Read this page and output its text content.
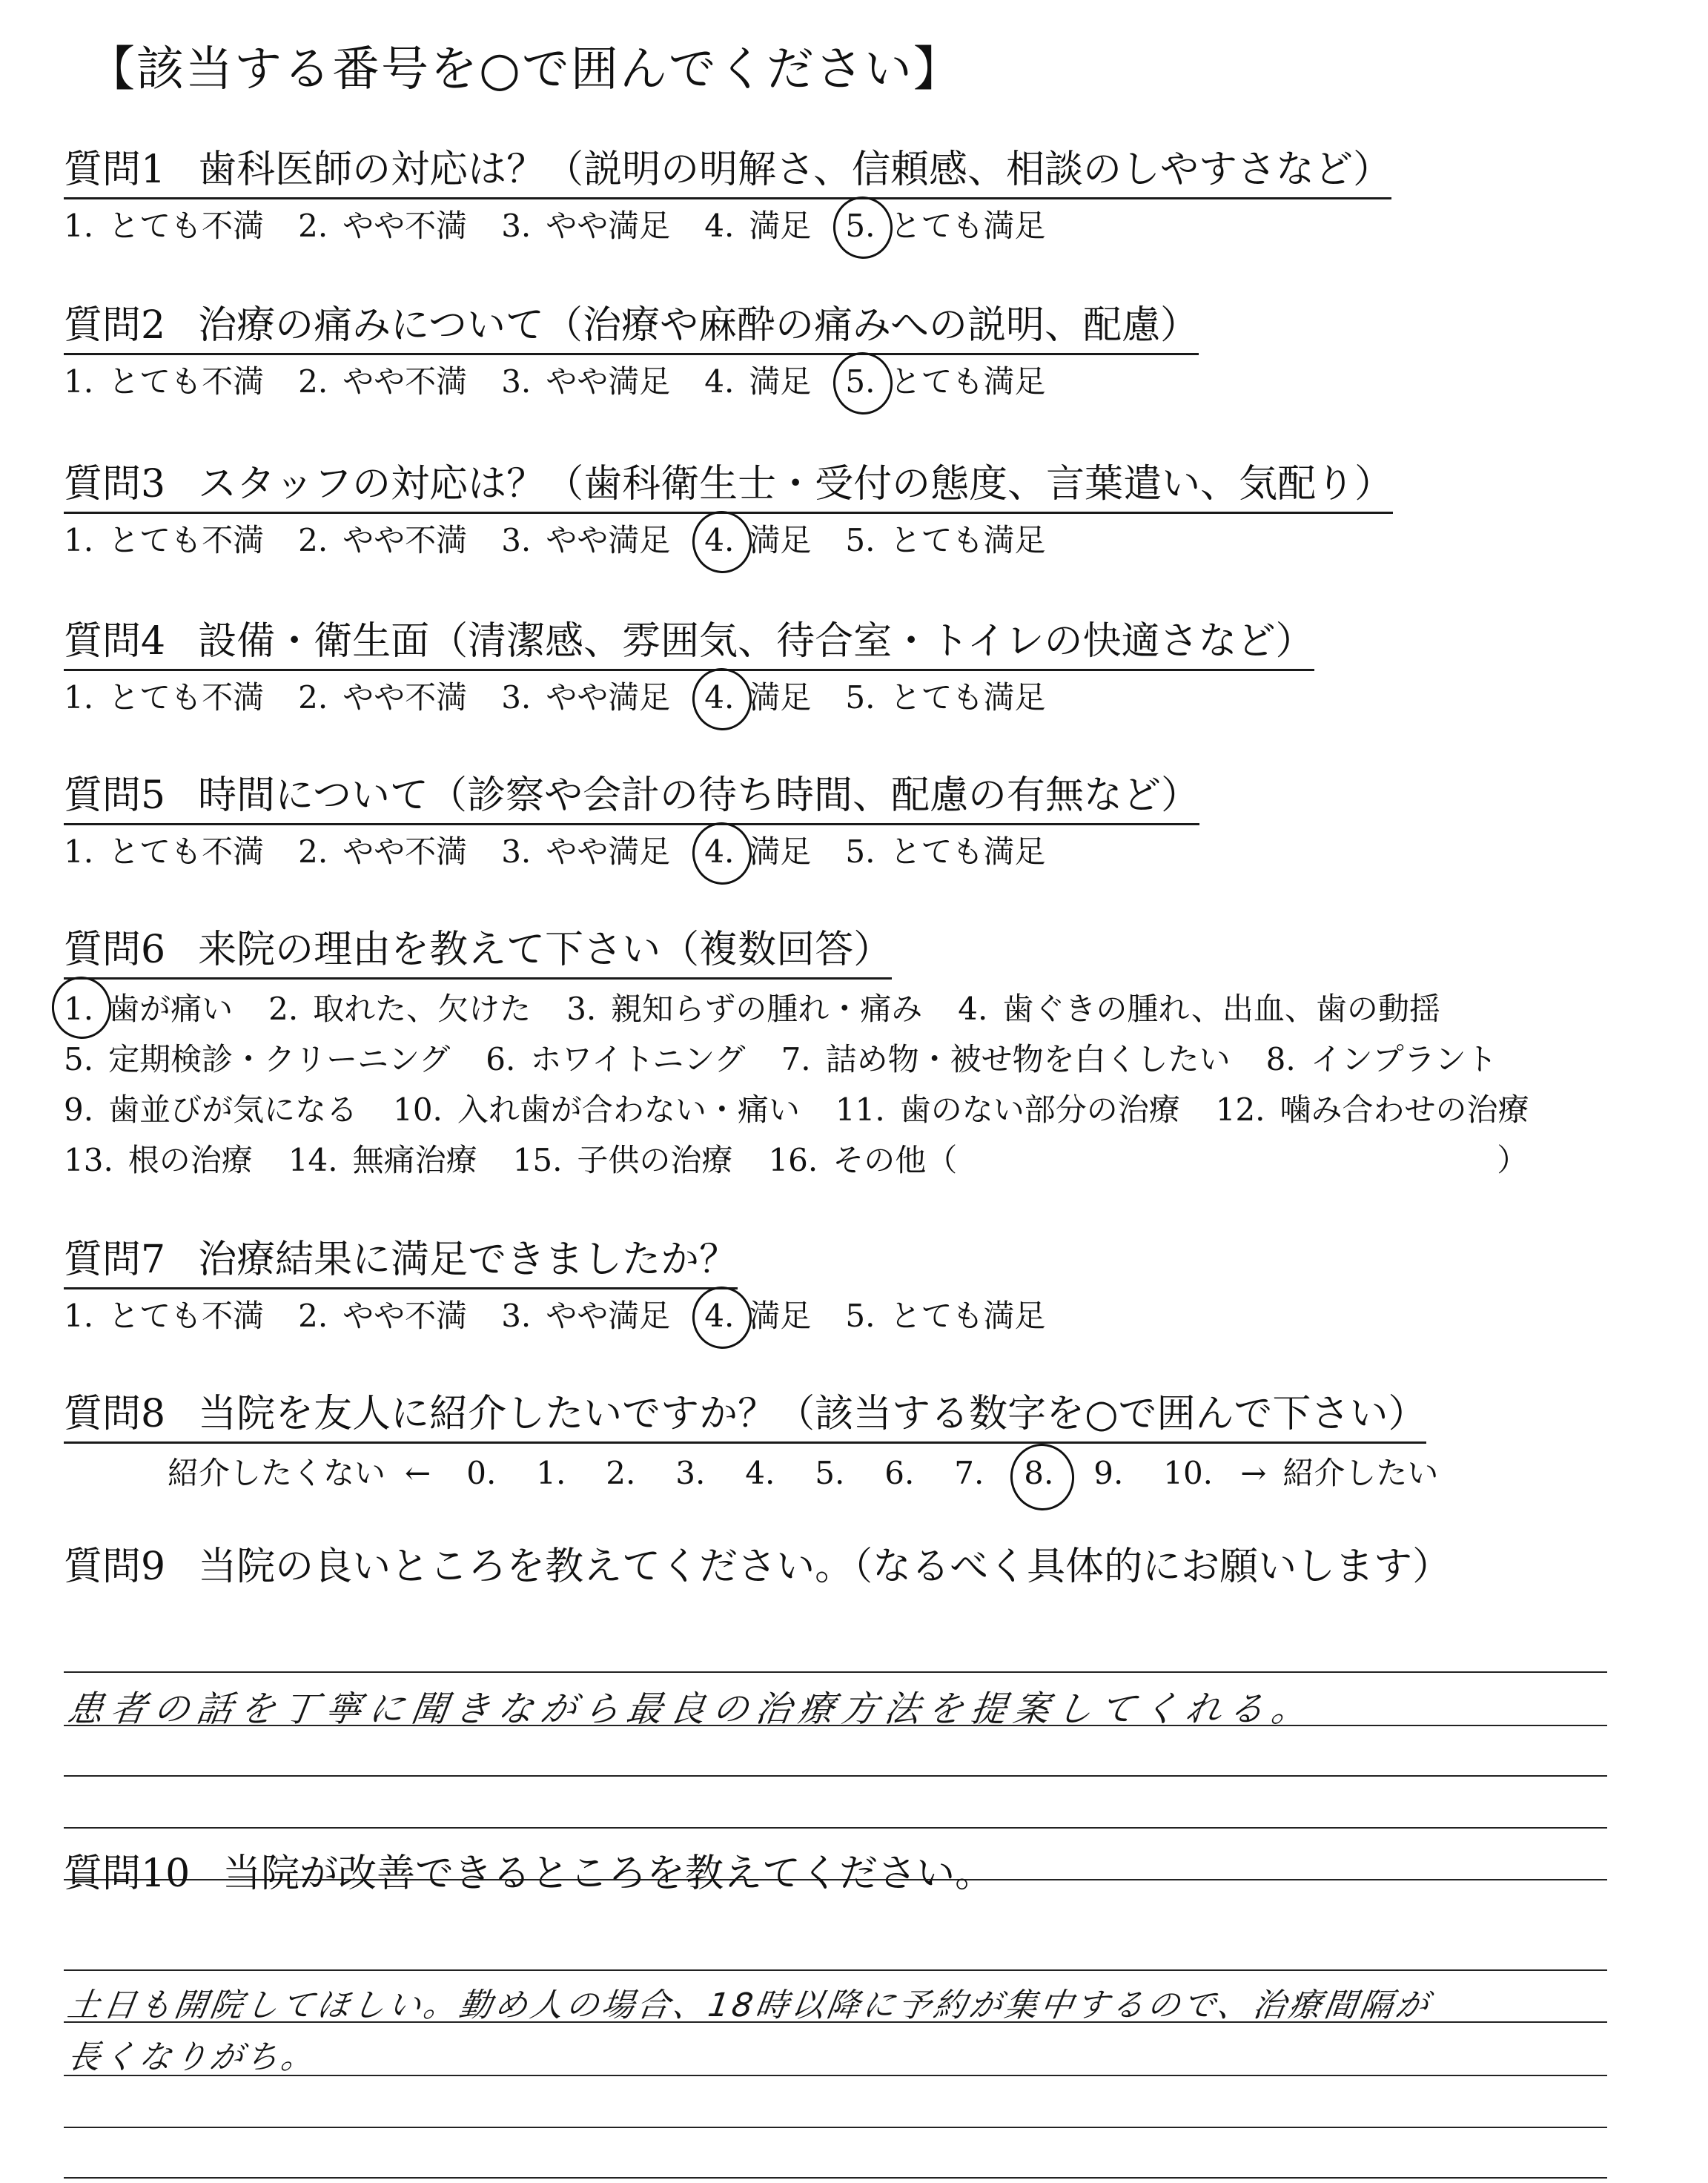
【該当する番号を○で囲んでください】
質問1 歯科医師の対応は？（説明の明解さ、信頼感、相談のしやすさなど）
1. とても不満 2. やや不満 3. やや満足 4. 満足 5. とても満足
質問2 治療の痛みについて（治療や麻酔の痛みへの説明、配慮）
1. とても不満 2. やや不満 3. やや満足 4. 満足 5. とても満足
質問3 スタッフの対応は？（歯科衛生士・受付の態度、言葉遣い、気配り）
1. とても不満 2. やや不満 3. やや満足 4. 満足 5. とても満足
質問4 設備・衛生面（清潔感、雰囲気、待合室・トイレの快適さなど）
1. とても不満 2. やや不満 3. やや満足 4. 満足 5. とても満足
質問5 時間について（診察や会計の待ち時間、配慮の有無など）
1. とても不満 2. やや不満 3. やや満足 4. 満足 5. とても満足
質問6 来院の理由を教えて下さい（複数回答）
1. 歯が痛い 2. 取れた、欠けた 3. 親知らずの腫れ・痛み 4. 歯ぐきの腫れ、出血、歯の動揺
5. 定期検診・クリーニング 6. ホワイトニング 7. 詰め物・被せ物を白くしたい 8. インプラント
9. 歯並びが気になる 10. 入れ歯が合わない・痛い 11. 歯のない部分の治療 12. 噛み合わせの治療
13. 根の治療 14. 無痛治療 15. 子供の治療 16. その他（	）
質問7 治療結果に満足できましたか？
1. とても不満 2. やや不満 3. やや満足 4. 満足 5. とても満足
質問8 当院を友人に紹介したいですか？（該当する数字を○で囲んで下さい）
紹介したくない ← 0.	1.	2.	3.	4.	5.	6.	7.	8.	9.	10. → 紹介したい
質問9 当院の良いところを教えてください。（なるべく具体的にお願いします）
患者の話を丁寧に聞きながら最良の治療方法を提案してくれる。
質問10 当院が改善できるところを教えてください。
土日も開院してほしい。勤め人の場合、18時以降に予約が集中するので、治療間隔が
長くなりがち。
